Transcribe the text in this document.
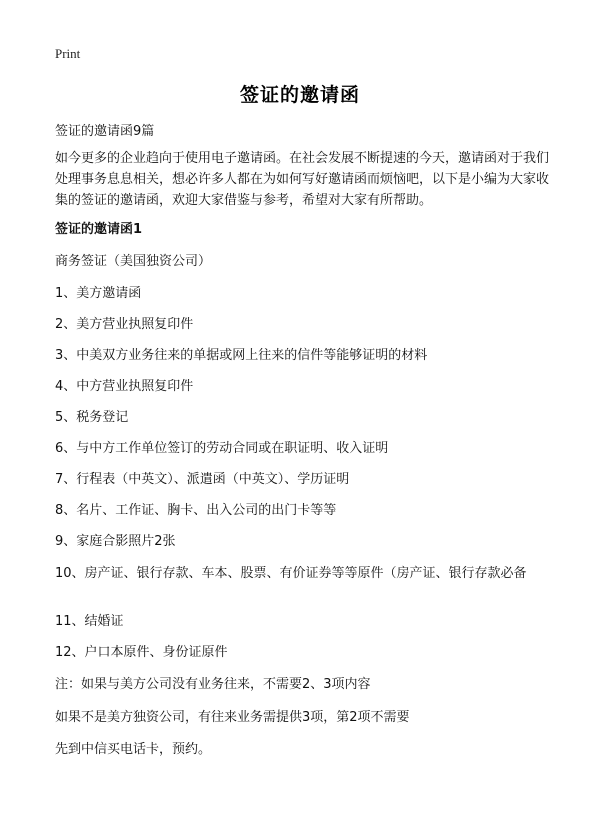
Print
签证的邀请函
签证的邀请函9篇
如今更多的企业趋向于使用电子邀请函。在社会发展不断提速的今天，邀请函对于我们处理事务息息相关，想必许多人都在为如何写好邀请函而烦恼吧，以下是小编为大家收集的签证的邀请函，欢迎大家借鉴与参考，希望对大家有所帮助。
签证的邀请函1
商务签证（美国独资公司）
1、美方邀请函
2、美方营业执照复印件
3、中美双方业务往来的单据或网上往来的信件等能够证明的材料
4、中方营业执照复印件
5、税务登记
6、与中方工作单位签订的劳动合同或在职证明、收入证明
7、行程表（中英文）、派遣函（中英文）、学历证明
8、名片、工作证、胸卡、出入公司的出门卡等等
9、家庭合影照片2张
10、房产证、银行存款、车本、股票、有价证券等等原件（房产证、银行存款必备
11、结婚证
12、户口本原件、身份证原件
注：如果与美方公司没有业务往来，不需要2、3项内容
如果不是美方独资公司，有往来业务需提供3项，第2项不需要
先到中信买电话卡，预约。
